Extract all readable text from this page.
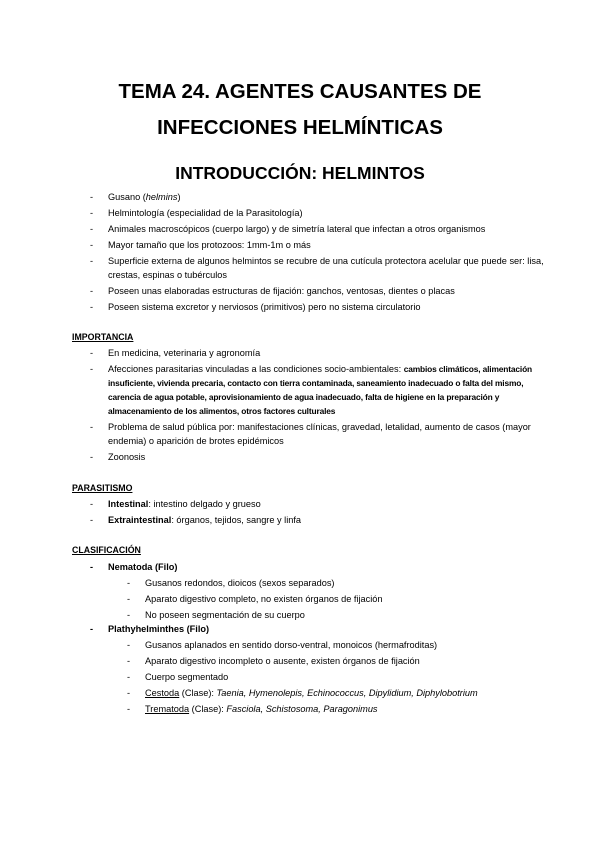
TEMA 24. AGENTES CAUSANTES DE
INFECCIONES HELMÍNTICAS
INTRODUCCIÓN: HELMINTOS
- Gusano (helmins)
- Helmintología (especialidad de la Parasitología)
- Animales macroscópicos (cuerpo largo) y de simetría lateral que infectan a otros organismos
- Mayor tamaño que los protozoos: 1mm-1m o más
- Superficie externa de algunos helmintos se recubre de una cutícula protectora acelular que puede ser: lisa, crestas, espinas o tubérculos
- Poseen unas elaboradas estructuras de fijación: ganchos, ventosas, dientes o placas
- Poseen sistema excretor y nerviosos (primitivos) pero no sistema circulatorio
IMPORTANCIA
- En medicina, veterinaria y agronomía
- Afecciones parasitarias vinculadas a las condiciones socio-ambientales: cambios climáticos, alimentación insuficiente, vivienda precaria, contacto con tierra contaminada, saneamiento inadecuado o falta del mismo, carencia de agua potable, aprovisionamiento de agua inadecuado, falta de higiene en la preparación y almacenamiento de los alimentos, otros factores culturales
- Problema de salud pública por: manifestaciones clínicas, gravedad, letalidad, aumento de casos (mayor endemia) o aparición de brotes epidémicos
- Zoonosis
PARASITISMO
- Intestinal: intestino delgado y grueso
- Extraintestinal: órganos, tejidos, sangre y linfa
CLASIFICACIÓN
- Nematoda (Filo)
- Gusanos redondos, dioicos (sexos separados)
- Aparato digestivo completo, no existen órganos de fijación
- No poseen segmentación de su cuerpo
- Plathyhelminthes (Filo)
- Gusanos aplanados en sentido dorso-ventral, monoicos (hermafroditas)
- Aparato digestivo incompleto o ausente, existen órganos de fijación
- Cuerpo segmentado
- Cestoda (Clase): Taenia, Hymenolepis, Echinococcus, Dipylidium, Diphylobotrium
- Trematoda (Clase): Fasciola, Schistosoma, Paragonimus
